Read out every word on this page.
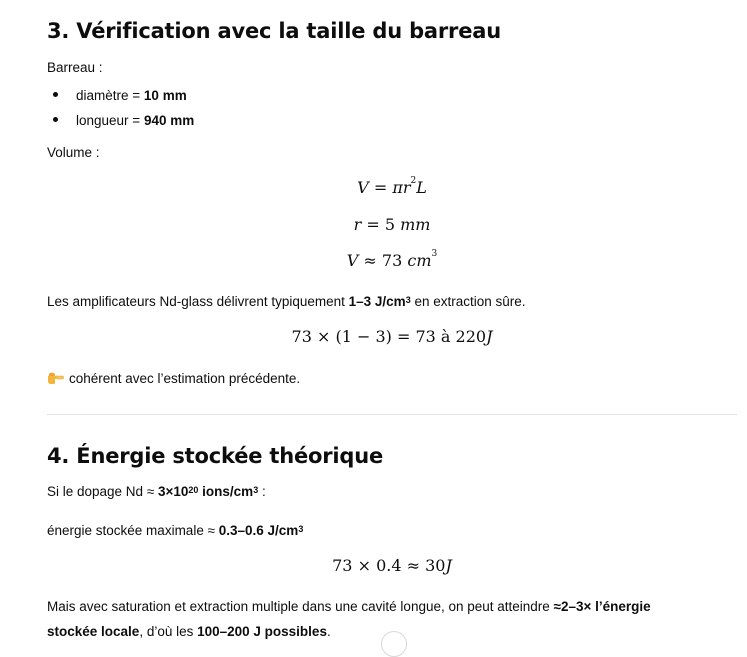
3. Vérification avec la taille du barreau

Barreau :

diamètre = 10 mm
longueur = 940 mm

Volume :

$V = \pi r^2L$
r = 5 mm
V ≈ 73 $cm^3$

Les amplificateurs Nd-glass délivrent typiquement 1–3 $J/cm^3$ en extraction sûre.

73 × (1 − 3) = 73 à 220J

cohérent avec l’estimation précédente.

4. Énergie stockée théorique

Si le dopage $Nd \approx 3\times 10^{20}$ ions/$cm^3$ :

énergie stockée maximale ≈ 0.3–0.6 $J/cm^3$

73 × 0.4 ≈ 30J

Mais avec saturation et extraction multiple dans une cavité longue, on peut atteindre ≈2–3× l’énergie

stockée locale, d’où les 100–200 J possibles.
